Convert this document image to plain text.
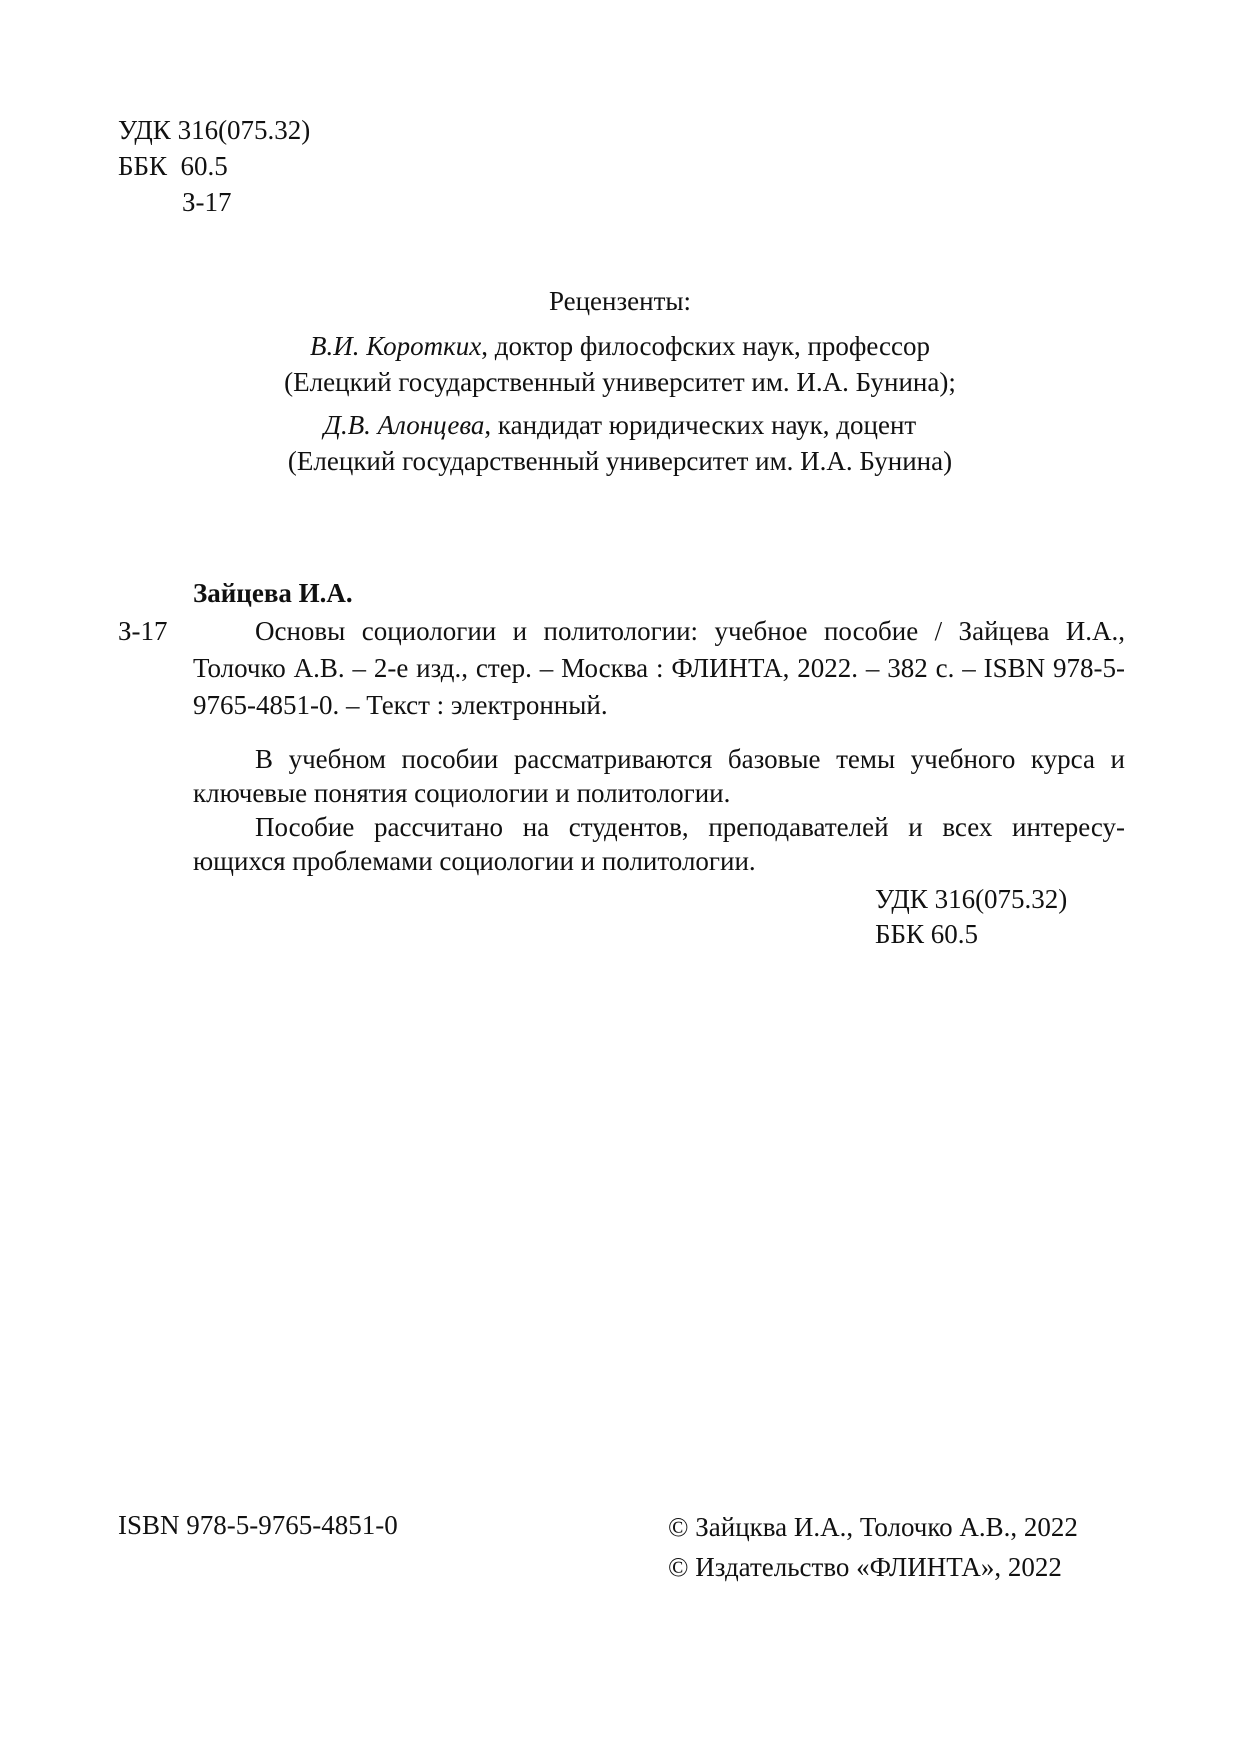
УДК 316(075.32)
ББК  60.5
З-17
Рецензенты:
В.И. Коротких, доктор философских наук, профессор
(Елецкий государственный университет им. И.А. Бунина);
Д.В. Алонцева, кандидат юридических наук, доцент
(Елецкий государственный университет им. И.А. Бунина)
З-17
Зайцева И.А.
Основы социологии и политологии: учебное пособие / Зайцева И.А., Толочко А.В. – 2-е изд., стер. – Москва : ФЛИНТА, 2022. – 382 с. – ISBN 978-5-9765-4851-0. – Текст : электронный.

В учебном пособии рассматриваются базовые темы учебного курса и ключевые понятия социологии и политологии.

Пособие рассчитано на студентов, преподавателей и всех интересу-ющихся проблемами социологии и политологии.

УДК 316(075.32)
ББК 60.5
ISBN 978-5-9765-4851-0	© Зайцква И.А., Толочко А.В., 2022
© Издательство «ФЛИНТА», 2022
